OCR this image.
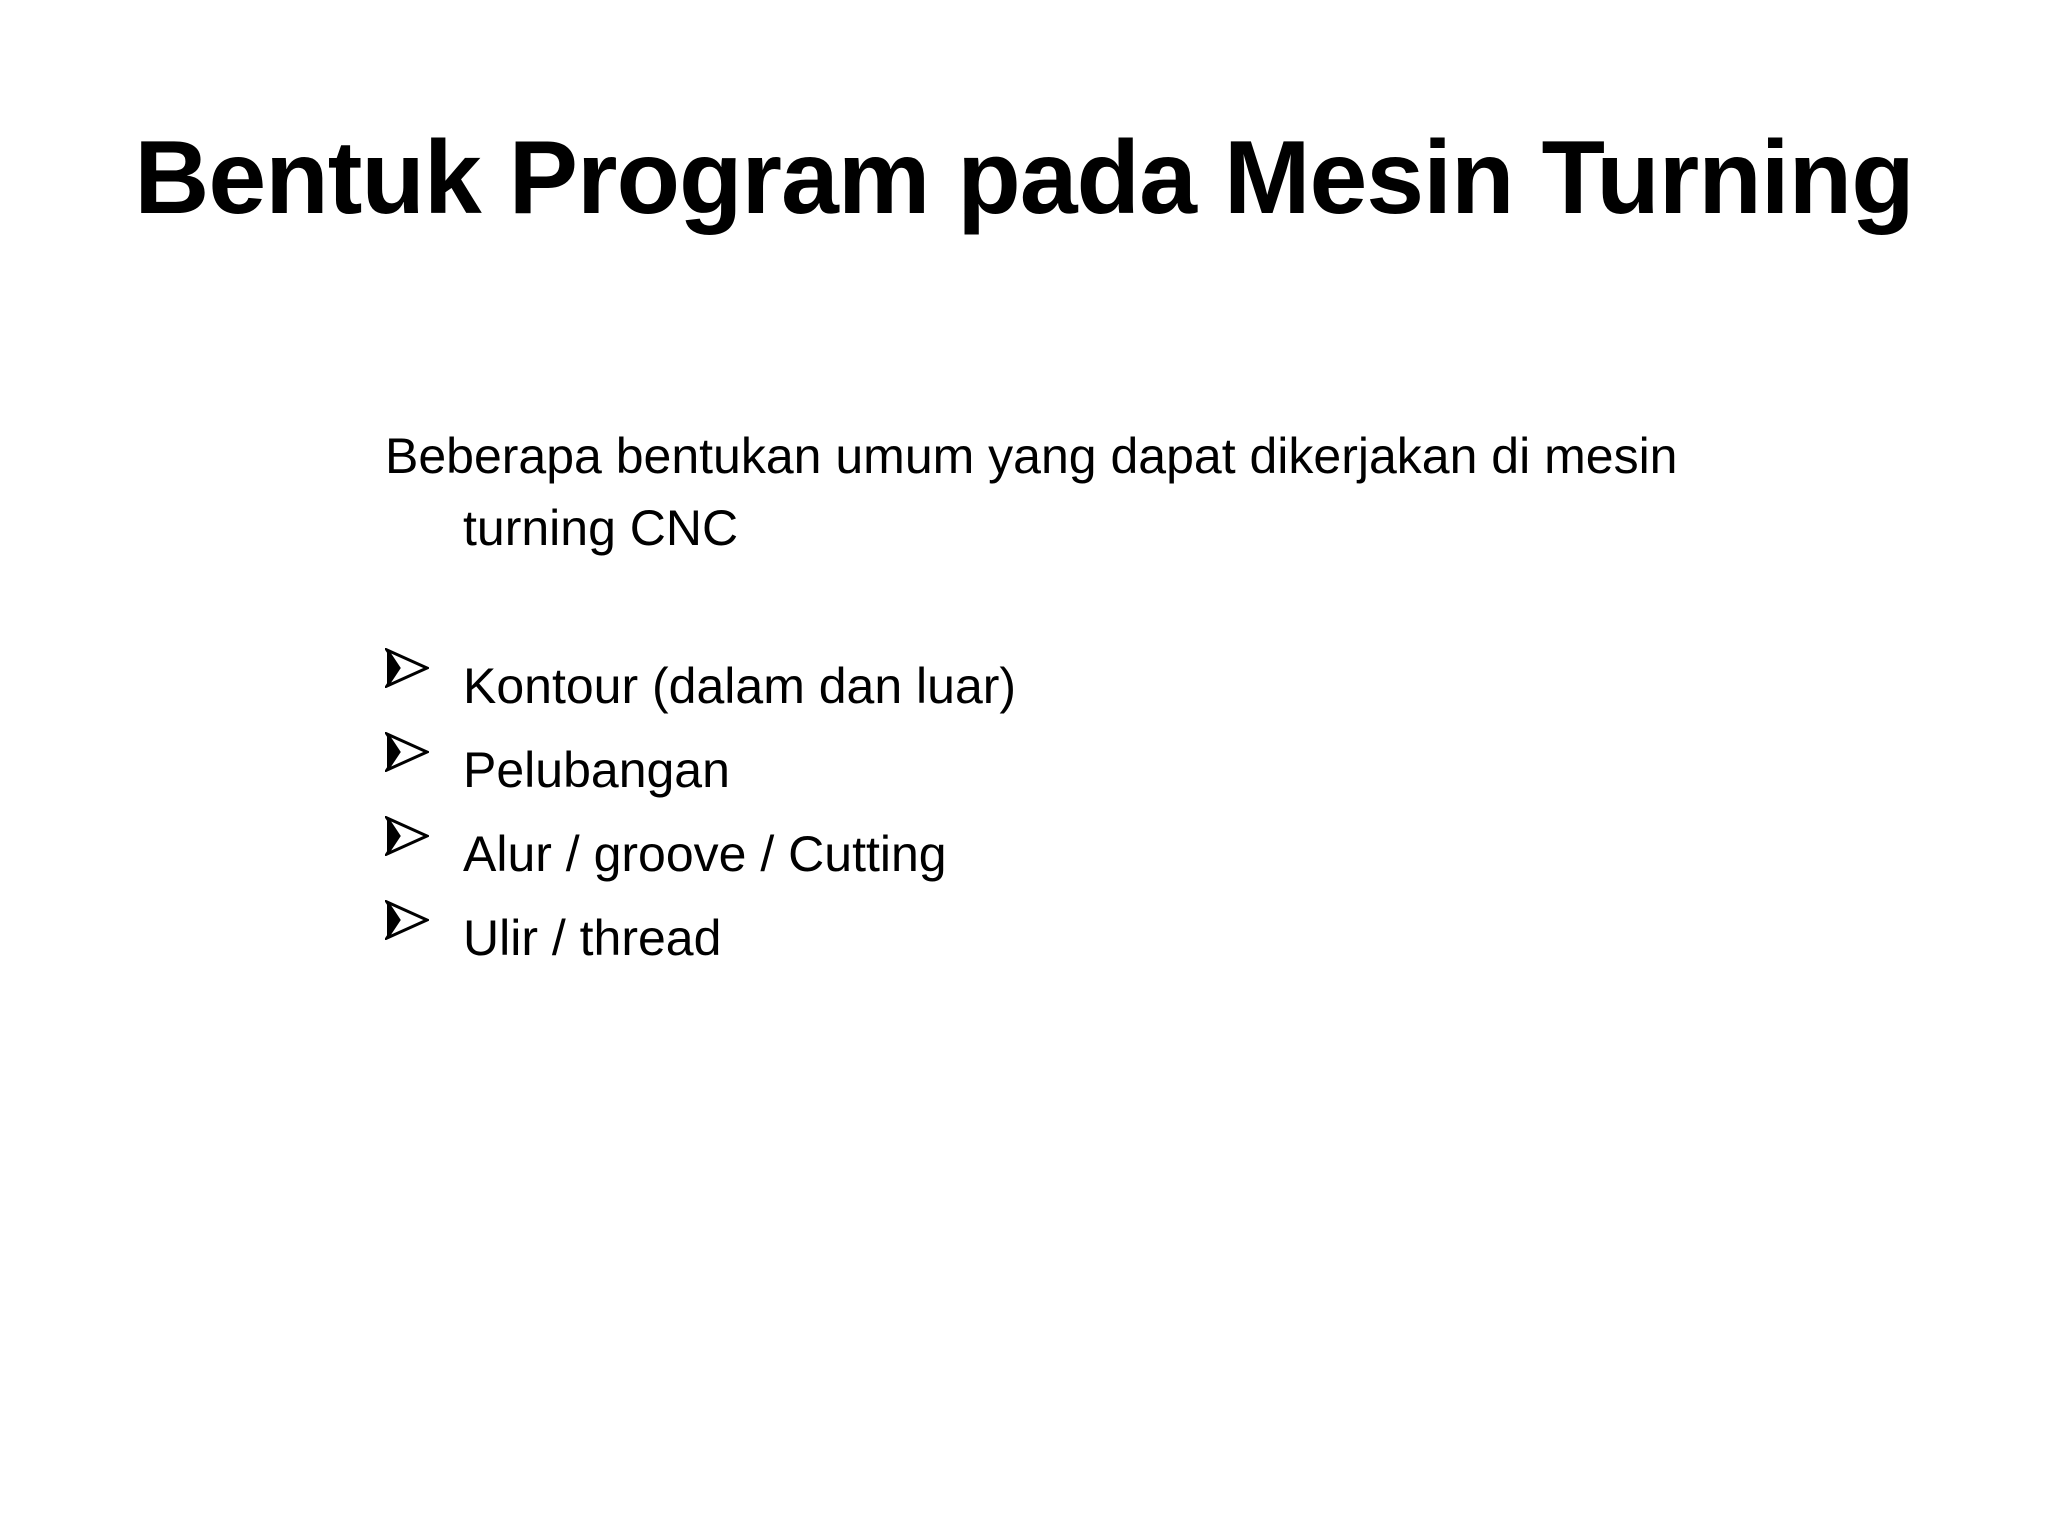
Bentuk Program pada Mesin Turning

Beberapa bentukan umum yang dapat dikerjakan di mesin turning CNC

Kontour (dalam dan luar)
Pelubangan
Alur / groove / Cutting
Ulir / thread
